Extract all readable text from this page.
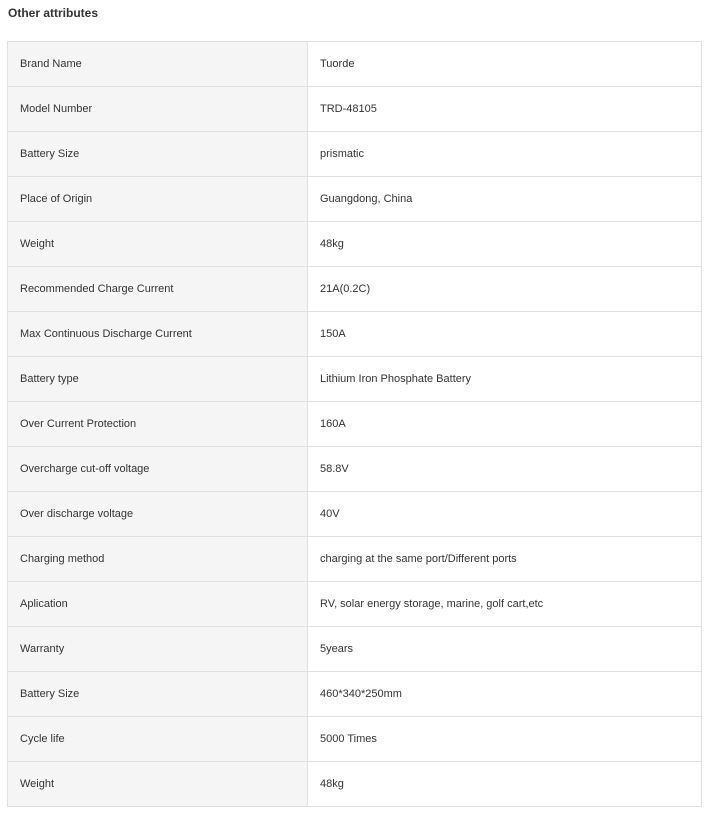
Other attributes
Brand Name	Tuorde
Model Number	TRD-48105
Battery Size	prismatic
Place of Origin	Guangdong, China
Weight	48kg
Recommended Charge Current	21A(0.2C)
Max Continuous Discharge Current	150A
Battery type	Lithium Iron Phosphate Battery
Over Current Protection	160A
Overcharge cut-off voltage	58.8V
Over discharge voltage	40V
Charging method	charging at the same port/Different ports
Aplication	RV, solar energy storage, marine, golf cart,etc
Warranty	5years
Battery Size	460*340*250mm
Cycle life	5000 Times
Weight	48kg
